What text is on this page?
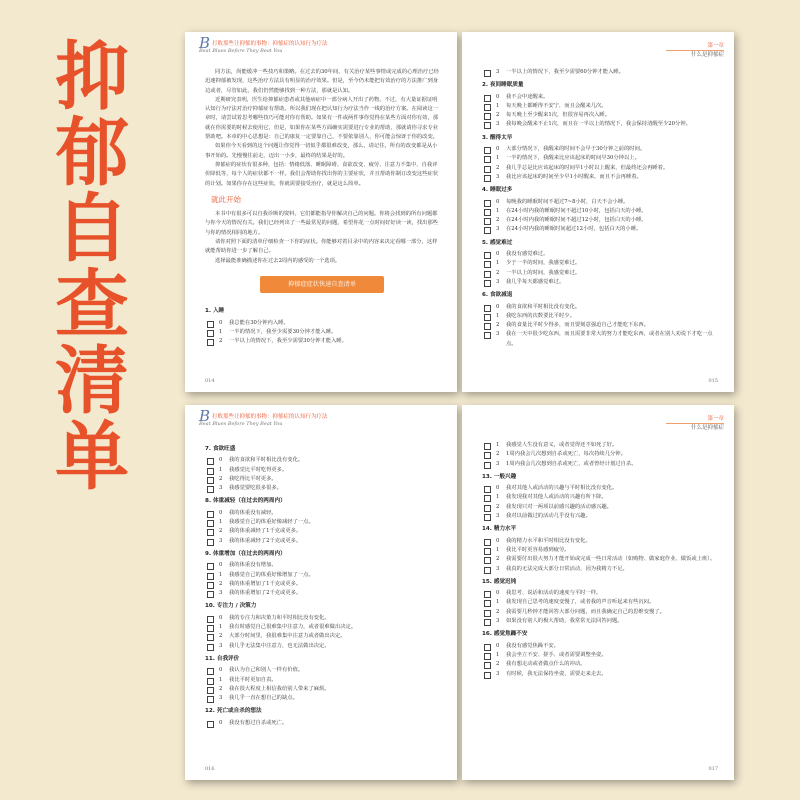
抑
郁
自
查
清
单
B打败那些让抑郁的事物：抑郁症的认知行为疗法
Beat Blues Before They Beat You

同方法，尚能缓冲一些技巧和策略。在过去的30年间，有关治疗某些事情或完成的心理治疗已经迅速抑郁被发现，这些治疗方法具有明显的治疗效果。但是，至今仍未能把有效治疗的方法推广到身边或者，尽管如此，我们仍然能够找到一种方法，那就是认知。

近期研究表明，医生给抑郁症患者或其他病症中一部分病人开出了药物，不过，有大量证据证明认知行为疗法对治疗抑郁症有帮助。所以我们现在把认知行为疗法当作一线的治疗方案。在阅读这一章时，请尝试着思考哪些技巧可能对你有帮助。如果有一件或两件事你觉得在某些方面对你有效，那就在你需要的时候去使用它，但是，如果你在某些方面确实需要进行专业的帮助，那就请你寻求专业帮助吧。本章的中心思想是：自己的康复一定要靠自己，不要依靠别人，你可能会惊讶于你的改变。

如果你今天看到的这个问题让你觉得一切似乎都很难改变，那么，请记住，所有的改变都是从小事开始的。先慢慢往前走，迈出一小步，最终的结果是好的。

抑郁症的症状有很多种，包括：情绪低落、睡眠障碍、食欲改变、疲劳、注意力不集中、自我评价降低等，每个人的症状都不一样。我们会帮助你找出你的主要症状，并且帮助你制订改变这些症状的计划。如果你存在这些症状，你就需要接受治疗，就是这么简单。

就此开始

本书中有很多可以自我诊断的资料，它们都能指导你解决自己的问题。你将会找到的所有问题都与你今天的情况有关。我们已经列出了一些最常见的问题，希望你花一点时间好好读一读，找出那些与你的情况相同的地方。

请你对照下面的清单仔细检查一下你的症状。你能够对着目录中的内容来决定看哪一部分，这样就能帮助你进一步了解自己。

选择最能准确描述你在过去2周内的感受的一个选项。

抑郁症症状快速自查清单
1. 入睡
0	我总能在30分钟内入睡。
1	一半的情况下，我至少需要30分钟才能入睡。
2	一半以上的情况下，我至少需要30分钟才能入睡。
014
第一章
什么是抑郁症
3	一半以上的情况下，我至少需要60分钟才能入睡。
2. 夜间睡眠质量
0	我不会中途醒来。
1	每天晚上都睡得不安宁，而且会醒来几次。
2	每天晚上至少醒来1次，但很容易再次入睡。
3	我每晚会醒来不止1次，而且在一半以上的情况下，我会保持清醒至少20分钟。
3. 醒得太早
0	大部分情况下，我醒来的时间不会早于30分钟之前的时间。
1	一半的情况下，我醒来比应该起床的时间早30分钟以上。
2	我几乎总是比应该起床的时间早1小时以上醒来，但最终还会再睡着。
3	我比应该起床的时间至少早1小时醒来，而且不会再睡着。
4. 睡眠过多
0	每晚我的睡眠时间不超过7~8小时，白天不会小睡。
1	在24小时内我的睡眠时间不超过10小时，包括白天的小睡。
2	在24小时内我的睡眠时间不超过12小时，包括白天的小睡。
3	在24小时内我的睡眠时间超过12小时，包括白天的小睡。
5. 感觉难过
0	我没有感觉难过。
1	少于一半的时间，我感觉难过。
2	一半以上的时间，我感觉难过。
3	我几乎每天都感觉难过。
6. 食欲减退
0	我的食欲和平时相比没有变化。
1	我吃东西的次数要比平时少。
2	我的食量比平时少得多，而且要刻意强迫自己才能吃下东西。
3	我在一天中很少吃东西，而且需要非常大的努力才能吃东西，或者在别人劝说下才吃一点点。
015
B打败那些让抑郁的事物：抑郁症的认知行为疗法
Beat Blues Before They Beat You
7. 食欲旺盛
0	我的食欲和平时相比没有变化。
1	我感觉比平时吃得更多。
2	我吃得比平时更多。
3	我感觉要吃很多很多。
8. 体重减轻（在过去的两周内）
0	我的体重没有减轻。
1	我感觉自己的体重好像减轻了一点。
2	我的体重减轻了1千克或更多。
3	我的体重减轻了2千克或更多。
9. 体重增加（在过去的两周内）
0	我的体重没有增加。
1	我感觉自己的体重好像增加了一点。
2	我的体重增加了1千克或更多。
3	我的体重增加了2千克或更多。
10. 专注力 / 决策力
0	我的专注力和决策力和平时相比没有变化。
1	我有时感觉自己很难集中注意力，或者很难做出决定。
2	大部分时间里，我很难集中注意力或者做出决定。
3	我几乎无法集中注意力，也无法做出决定。
11. 自我评价
0	我认为自己和别人一样有价值。
1	我比平时更加自责。
2	我在很大程度上相信我给别人带来了麻烦。
3	我几乎一直在想自己的缺点。
12. 死亡或自杀的想法
0	我没有想过自杀或死亡。
016
第一章
什么是抑郁症
1	我感觉人生没有意义，或者觉得还不如死了好。
2	1周内我会几次想到自杀或死亡，每次持续几分钟。
3	1周内我会几次想到自杀或死亡，或者曾经计划过自杀。
13. 一般兴趣
0	我对其他人或活动的兴趣与平时相比没有变化。
1	我发现我对其他人或活动的兴趣有所下降。
2	我发现只对一两项以前感兴趣的活动感兴趣。
3	我对以前做过的活动几乎没有兴趣。
14. 精力水平
0	我的精力水平和平时相比没有变化。
1	我比平时更容易感到疲劳。
2	我需要付出很大努力才能开始或完成一些日常活动（如购物、做家庭作业、做饭或上班）。
3	我真的无法完成大部分日常活动，因为我精力不足。
15. 感觉迟钝
0	我思考、说话和活动的速度与平时一样。
1	我发现自己思考的速度变慢了，或者我的声音听起来有些沉闷。
2	我需要几秒钟才能回答大部分问题，而且我确定自己的思维变慢了。
3	如果没有别人的极大帮助，我常常无法回答问题。
16. 感觉焦躁不安
0	我没有感觉焦躁不安。
1	我会坐立不安、搓手、或者需要调整坐姿。
2	我有想走动或者做点什么的冲动。
3	有时候，我无法保持坐姿，需要走来走去。
017
